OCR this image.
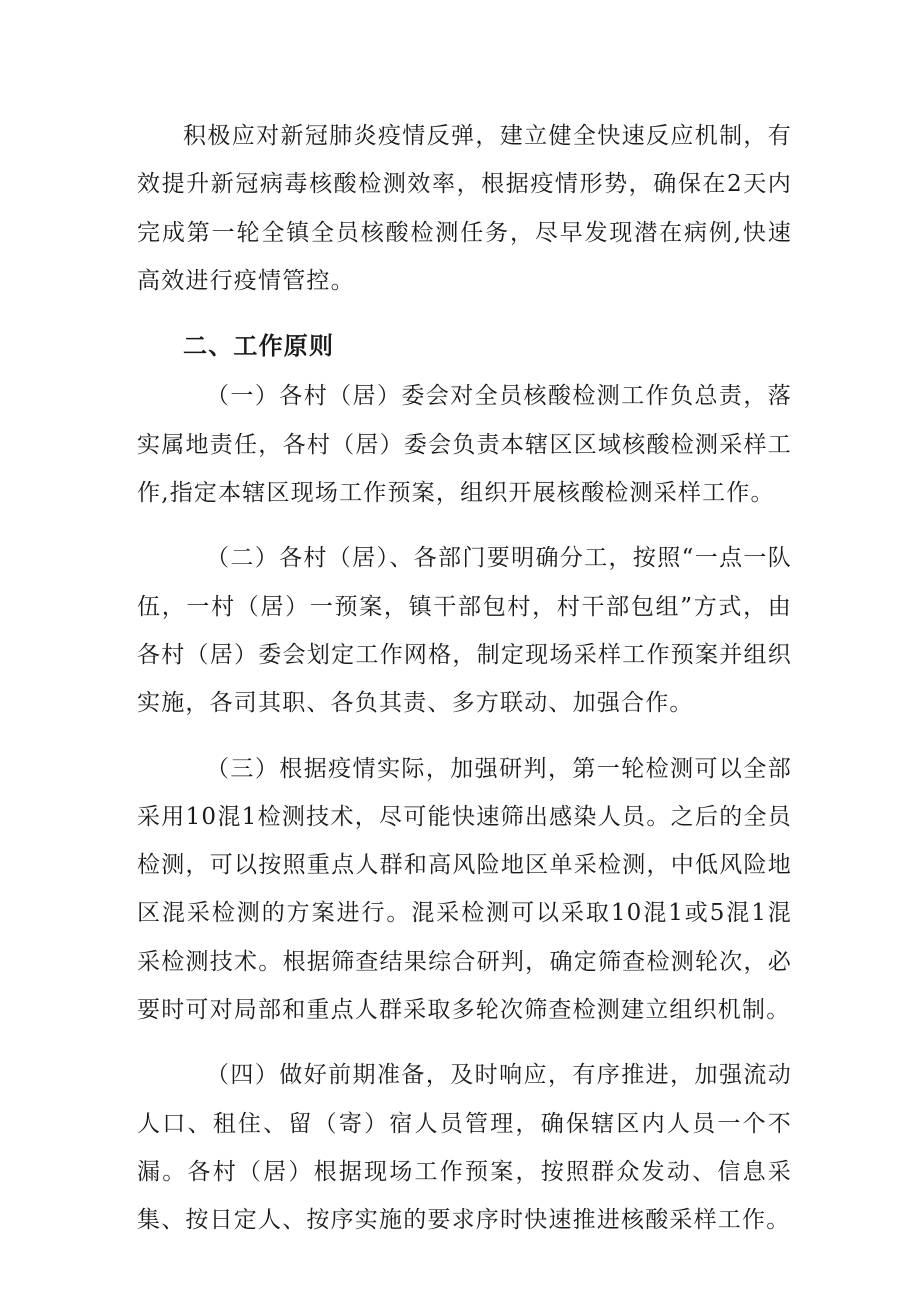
积极应对新冠肺炎疫情反弹，建立健全快速反应机制，有效提升新冠病毒核酸检测效率，根据疫情形势，确保在2天内完成第一轮全镇全员核酸检测任务，尽早发现潜在病例,快速高效进行疫情管控。

二、工作原则

（一）各村（居）委会对全员核酸检测工作负总责，落实属地责任，各村（居）委会负责本辖区区域核酸检测采样工作,指定本辖区现场工作预案，组织开展核酸检测采样工作。

（二）各村（居）、各部门要明确分工，按照“一点一队伍，一村（居）一预案，镇干部包村，村干部包组”方式，由各村（居）委会划定工作网格，制定现场采样工作预案并组织实施，各司其职、各负其责、多方联动、加强合作。

（三）根据疫情实际，加强研判，第一轮检测可以全部采用10混1检测技术，尽可能快速筛出感染人员。之后的全员检测，可以按照重点人群和高风险地区单采检测，中低风险地区混采检测的方案进行。混采检测可以采取10混1或5混1混采检测技术。根据筛查结果综合研判，确定筛查检测轮次，必要时可对局部和重点人群采取多轮次筛查检测建立组织机制。

（四）做好前期准备，及时响应，有序推进，加强流动人口、租住、留（寄）宿人员管理，确保辖区内人员一个不漏。各村（居）根据现场工作预案，按照群众发动、信息采集、按日定人、按序实施的要求序时快速推进核酸采样工作。
